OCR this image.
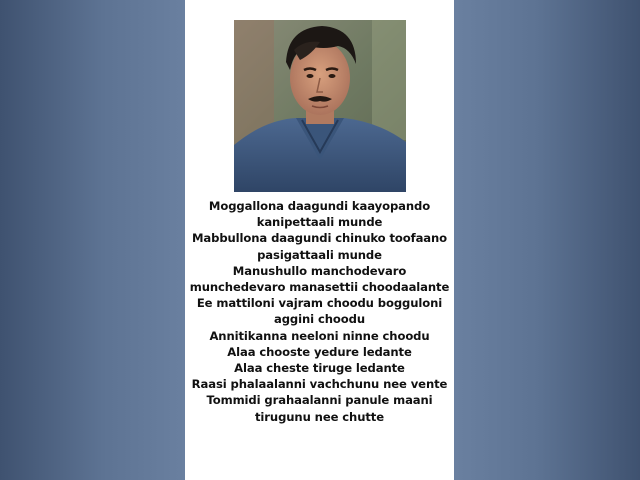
Moggallona daagundi kaayopando
kanipettaali munde
Mabbullona daagundi chinuko toofaano
pasigattaali munde
Manushullo manchodevaro
munchedevaro manasettii choodaalante
Ee mattiloni vajram choodu bogguloni
aggini choodu
Annitikanna neeloni ninne choodu
Alaa chooste yedure ledante
Alaa cheste tiruge ledante
Raasi phalaalanni vachchunu nee vente
Tommidi grahaalanni panule maani
tirugunu nee chutte
